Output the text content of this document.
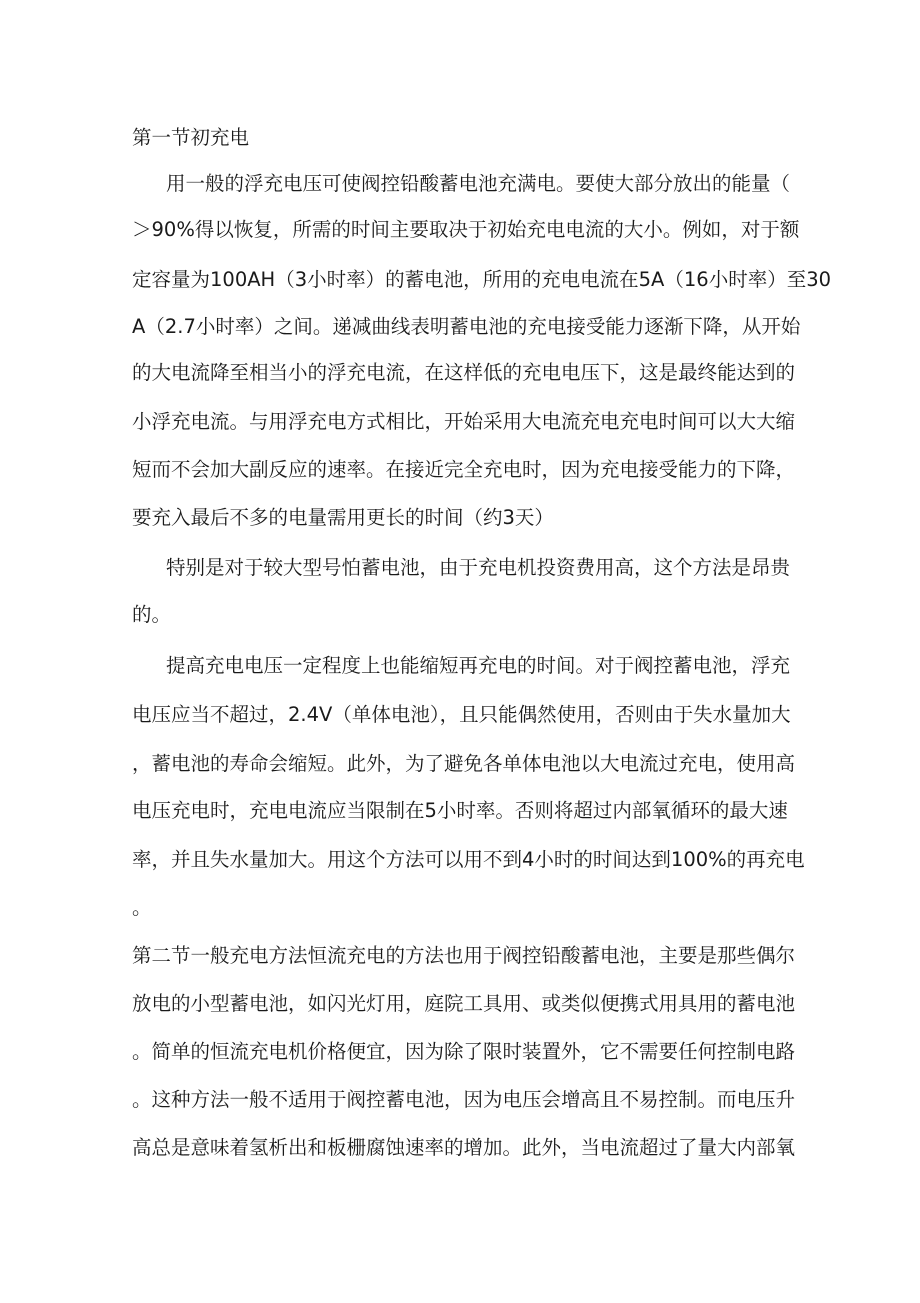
第一节初充电
用一般的浮充电压可使阀控铅酸蓄电池充满电。要使大部分放出的能量（
＞90%得以恢复，所需的时间主要取决于初始充电电流的大小。例如，对于额
定容量为100AH（3小时率）的蓄电池，所用的充电电流在5A（16小时率）至30
A（2.7小时率）之间。递减曲线表明蓄电池的充电接受能力逐渐下降，从开始
的大电流降至相当小的浮充电流，在这样低的充电电压下，这是最终能达到的
小浮充电流。与用浮充电方式相比，开始采用大电流充电充电时间可以大大缩
短而不会加大副反应的速率。在接近完全充电时，因为充电接受能力的下降，
要充入最后不多的电量需用更长的时间（约3天）
特别是对于较大型号怕蓄电池，由于充电机投资费用高，这个方法是昂贵
的。
提高充电电压一定程度上也能缩短再充电的时间。对于阀控蓄电池，浮充
电压应当不超过，2.4V（单体电池），且只能偶然使用，否则由于失水量加大
，蓄电池的寿命会缩短。此外，为了避免各单体电池以大电流过充电，使用高
电压充电时，充电电流应当限制在5小时率。否则将超过内部氧循环的最大速
率，并且失水量加大。用这个方法可以用不到4小时的时间达到100%的再充电
。
第二节一般充电方法恒流充电的方法也用于阀控铅酸蓄电池，主要是那些偶尔
放电的小型蓄电池，如闪光灯用，庭院工具用、或类似便携式用具用的蓄电池
。简单的恒流充电机价格便宜，因为除了限时装置外，它不需要任何控制电路
。这种方法一般不适用于阀控蓄电池，因为电压会增高且不易控制。而电压升
高总是意味着氢析出和板栅腐蚀速率的增加。此外，当电流超过了量大内部氧
